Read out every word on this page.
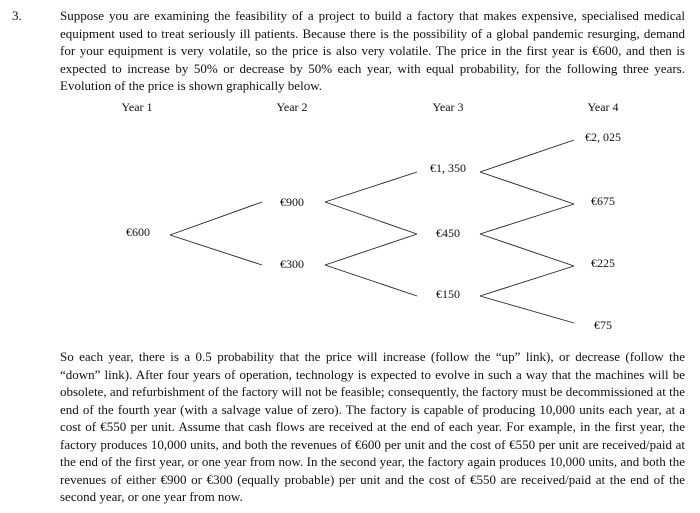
3.	Suppose you are examining the feasibility of a project to build a factory that makes expensive, specialised medical equipment used to treat seriously ill patients. Because there is the possibility of a global pandemic resurging, demand for your equipment is very volatile, so the price is also very volatile. The price in the first year is €600, and then is expected to increase by 50% or decrease by 50% each year, with equal probability, for the following three years. Evolution of the price is shown graphically below.

Year 1	Year 2	Year 3	Year 4
€600
€900
€300
€1, 350
€450
€150
€2, 025
€675
€225
€75

So each year, there is a 0.5 probability that the price will increase (follow the “up” link), or decrease (follow the “down” link). After four years of operation, technology is expected to evolve in such a way that the machines will be obsolete, and refurbishment of the factory will not be feasible; consequently, the factory must be decommissioned at the end of the fourth year (with a salvage value of zero). The factory is capable of producing 10,000 units each year, at a cost of €550 per unit. Assume that cash flows are received at the end of each year. For example, in the first year, the factory produces 10,000 units, and both the revenues of €600 per unit and the cost of €550 per unit are received/paid at the end of the first year, or one year from now. In the second year, the factory again produces 10,000 units, and both the revenues of either €900 or €300 (equally probable) per unit and the cost of €550 are received/paid at the end of the second year, or one year from now.
